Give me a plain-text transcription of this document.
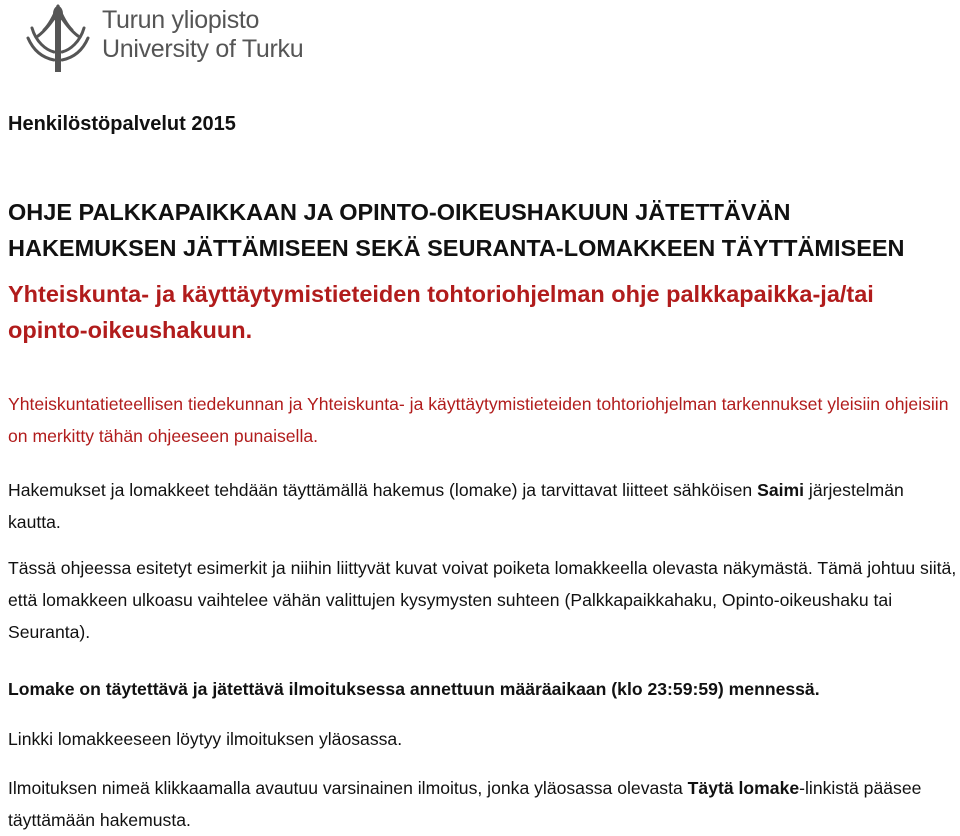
Turun yliopisto
University of Turku
Henkilöstöpalvelut 2015
OHJE PALKKAPAIKKAAN JA OPINTO-OIKEUSHAKUUN JÄTETTÄVÄN
HAKEMUKSEN JÄTTÄMISEEN SEKÄ SEURANTA-LOMAKKEEN TÄYTTÄMISEEN
Yhteiskunta- ja käyttäytymistieteiden tohtoriohjelman ohje palkkapaikka-ja/tai opinto-oikeushakuun.
Yhteiskuntatieteellisen tiedekunnan ja Yhteiskunta- ja käyttäytymistieteiden tohtoriohjelman tarkennukset yleisiin ohjeisiin on merkitty tähän ohjeeseen punaisella.
Hakemukset ja lomakkeet tehdään täyttämällä hakemus (lomake) ja tarvittavat liitteet sähköisen Saimi järjestelmän kautta.
Tässä ohjeessa esitetyt esimerkit ja niihin liittyvät kuvat voivat poiketa lomakkeella olevasta näkymästä. Tämä johtuu siitä, että lomakkeen ulkoasu vaihtelee vähän valittujen kysymysten suhteen (Palkkapaikkahaku, Opinto-oikeushaku tai Seuranta).
Lomake on täytettävä ja jätettävä ilmoituksessa annettuun määräaikaan (klo 23:59:59) mennessä.
Linkki lomakkeeseen löytyy ilmoituksen yläosassa.
Ilmoituksen nimeä klikkaamalla avautuu varsinainen ilmoitus, jonka yläosassa olevasta Täytä lomake-linkistä pääsee täyttämään hakemusta.
